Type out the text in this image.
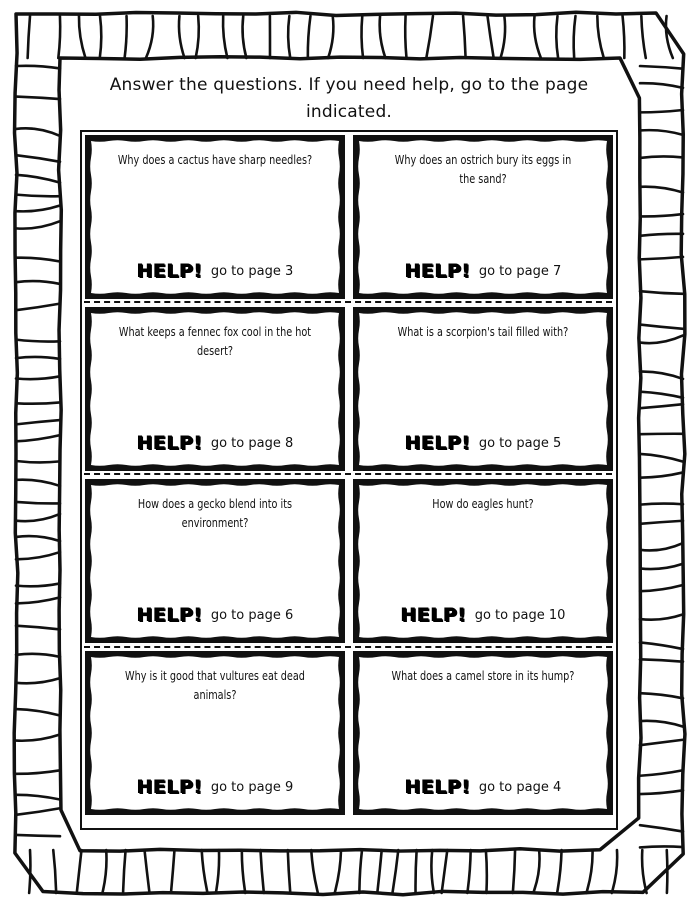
Answer the questions. If you need help, go to the page indicated.
Why does a cactus have sharp needles?
HELP! go to page 3
Why does an ostrich bury its eggs in the sand?
HELP! go to page 7
What keeps a fennec fox cool in the hot desert?
HELP! go to page 8
What is a scorpion's tail filled with?
HELP! go to page 5
How does a gecko blend into its environment?
HELP! go to page 6
How do eagles hunt?
HELP! go to page 10
Why is it good that vultures eat dead animals?
HELP! go to page 9
What does a camel store in its hump?
HELP! go to page 4
